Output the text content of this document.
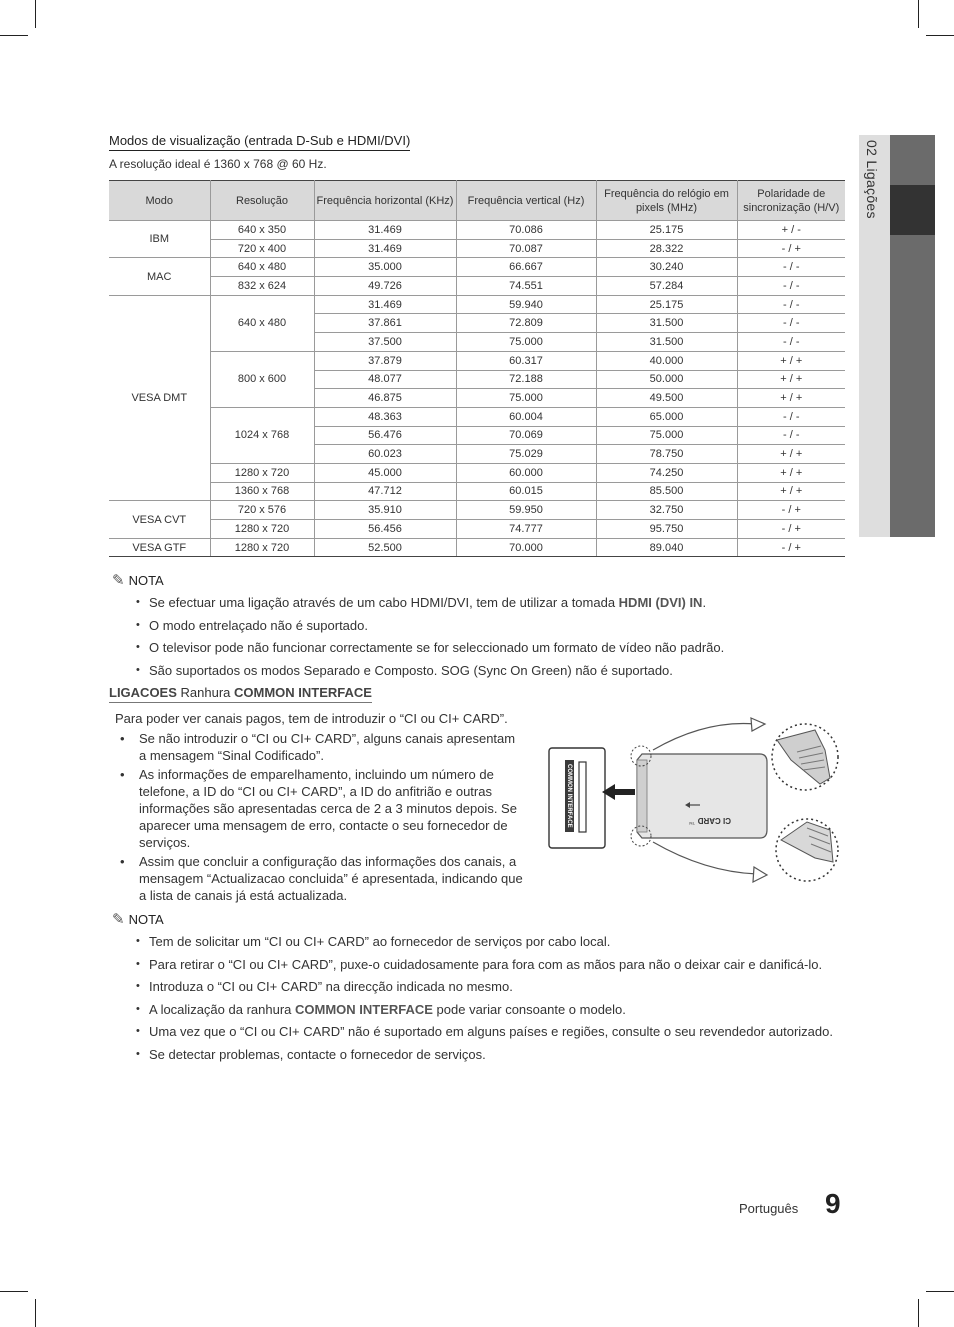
02 Ligações
Modos de visualização (entrada D-Sub e HDMI/DVI)
A resolução ideal é 1360 x 768 @ 60 Hz.
Modo	Resolução	Frequência horizontal (KHz)	Frequência vertical (Hz)	Frequência do relógio em pixels (MHz)	Polaridade de sincronização (H/V)
IBM	640 x 350	31.469	70.086	25.175	+ / -
	720 x 400	31.469	70.087	28.322	- / +
MAC	640 x 480	35.000	66.667	30.240	- / -
	832 x 624	49.726	74.551	57.284	- / -
VESA DMT	640 x 480	31.469	59.940	25.175	- / -
		37.861	72.809	31.500	- / -
		37.500	75.000	31.500	- / -
	800 x 600	37.879	60.317	40.000	+ / +
		48.077	72.188	50.000	+ / +
		46.875	75.000	49.500	+ / +
	1024 x 768	48.363	60.004	65.000	- / -
		56.476	70.069	75.000	- / -
		60.023	75.029	78.750	+ / +
	1280 x 720	45.000	60.000	74.250	+ / +
	1360 x 768	47.712	60.015	85.500	+ / +
VESA CVT	720 x 576	35.910	59.950	32.750	- / +
	1280 x 720	56.456	74.777	95.750	- / +
VESA GTF	1280 x 720	52.500	70.000	89.040	- / +
✎ NOTA
• Se efectuar uma ligação através de um cabo HDMI/DVI, tem de utilizar a tomada HDMI (DVI) IN.
• O modo entrelaçado não é suportado.
• O televisor pode não funcionar correctamente se for seleccionado um formato de vídeo não padrão.
• São suportados os modos Separado e Composto. SOG (Sync On Green) não é suportado.
LIGACOES Ranhura COMMON INTERFACE
Para poder ver canais pagos, tem de introduzir o “CI ou CI+ CARD”.
• Se não introduzir o “CI ou CI+ CARD”, alguns canais apresentam a mensagem “Sinal Codificado”.
• As informações de emparelhamento, incluindo um número de telefone, a ID do “CI ou CI+ CARD”, a ID do anfitrião e outras informações são apresentadas cerca de 2 a 3 minutos depois. Se aparecer uma mensagem de erro, contacte o seu fornecedor de serviços.
• Assim que concluir a configuração das informações dos canais, a mensagem “Actualizacao concluida” é apresentada, indicando que a lista de canais já está actualizada.
COMMON INTERFACE	CI CARD
TM
✎ NOTA
• Tem de solicitar um “CI ou CI+ CARD” ao fornecedor de serviços por cabo local.
• Para retirar o “CI ou CI+ CARD”, puxe-o cuidadosamente para fora com as mãos para não o deixar cair e danificá-lo.
• Introduza o “CI ou CI+ CARD” na direcção indicada no mesmo.
• A localização da ranhura COMMON INTERFACE pode variar consoante o modelo.
• Uma vez que o “CI ou CI+ CARD” não é suportado em alguns países e regiões, consulte o seu revendedor autorizado.
• Se detectar problemas, contacte o fornecedor de serviços.
Português 9
